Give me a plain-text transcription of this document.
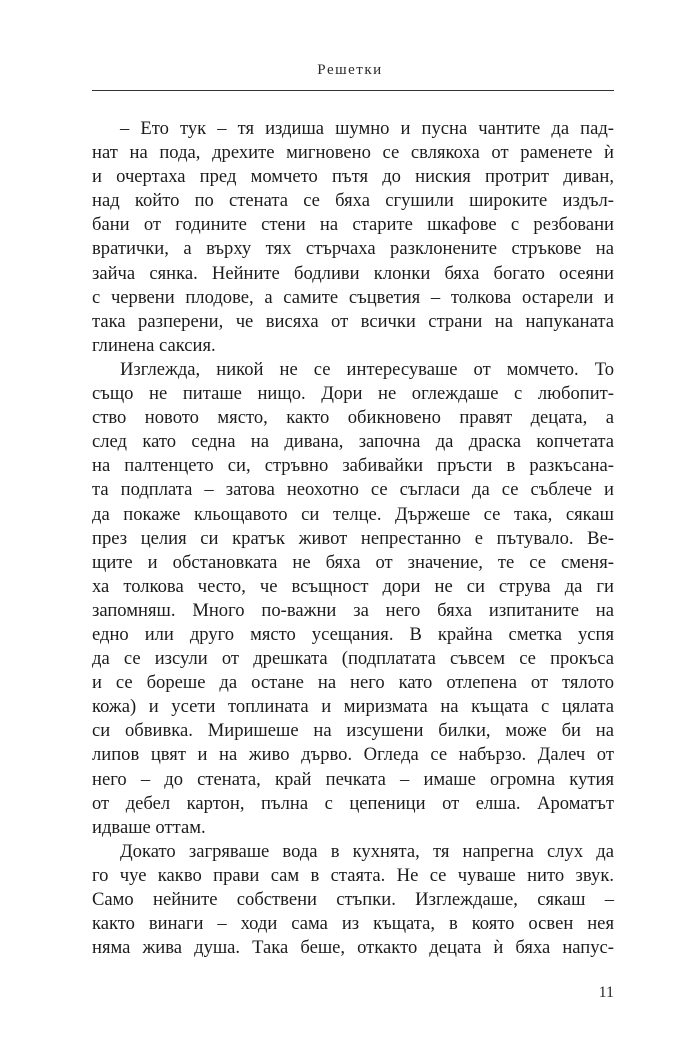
Решетки
– Ето тук – тя издиша шумно и пусна чантите да пад-
нат на пода, дрехите мигновено се свлякоха от раменете ѝ
и очертаха пред момчето пътя до ниския протрит диван,
над който по стената се бяха сгушили широките издъл-
бани от годините стени на старите шкафове с резбовани
вратички, а върху тях стърчаха разклонените стръкове на
зайча сянка. Нейните бодливи клонки бяха богато осеяни
с червени плодове, а самите съцветия – толкова остарели и
така разперени, че висяха от всички страни на напуканата
глинена саксия.
Изглежда, никой не се интересуваше от момчето. То
също не питаше нищо. Дори не оглеждаше с любопит-
ство новото място, както обикновено правят децата, а
след като седна на дивана, започна да драска копчетата
на палтенцето си, стръвно забивайки пръсти в разкъсана-
та подплата – затова неохотно се съгласи да се съблече и
да покаже кльощавото си телце. Държеше се така, сякаш
през целия си кратък живот непрестанно е пътувало. Ве-
щите и обстановката не бяха от значение, те се сменя-
ха толкова често, че всъщност дори не си струва да ги
запомняш. Много по-важни за него бяха изпитаните на
едно или друго място усещания. В крайна сметка успя
да се изсули от дрешката (подплатата съвсем се прокъса
и се бореше да остане на него като отлепена от тялото
кожа) и усети топлината и миризмата на къщата с цялата
си обвивка. Миришеше на изсушени билки, може би на
липов цвят и на живо дърво. Огледа се набързо. Далеч от
него – до стената, край печката – имаше огромна кутия
от дебел картон, пълна с цепеници от елша. Ароматът
идваше оттам.
Докато загряваше вода в кухнята, тя напрегна слух да
го чуе какво прави сам в стаята. Не се чуваше нито звук.
Само нейните собствени стъпки. Изглеждаше, сякаш –
както винаги – ходи сама из къщата, в която освен нея
няма жива душа. Така беше, откакто децата ѝ бяха напус-
11
